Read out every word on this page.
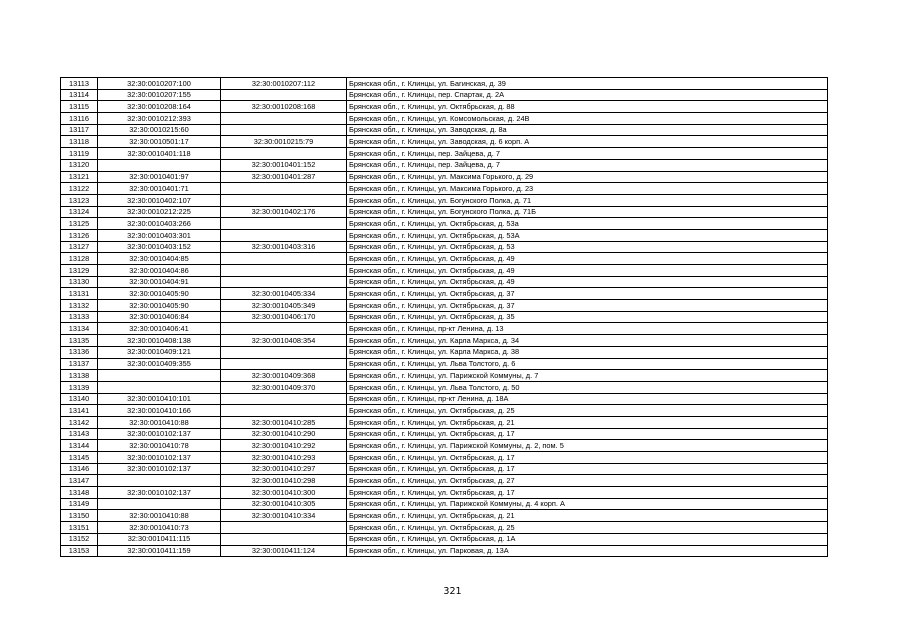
13113	32:30:0010207:100	32:30:0010207:112	Брянская обл., г. Клинцы, ул. Багинская, д. 39
13114	32:30:0010207:155		Брянская обл., г. Клинцы, пер. Спартак, д. 2А
13115	32:30:0010208:164	32:30:0010208:168	Брянская обл., г. Клинцы, ул. Октябрьская, д. 88
13116	32:30:0010212:393		Брянская обл., г. Клинцы, ул. Комсомольская, д. 24В
13117	32:30:0010215:60		Брянская обл., г. Клинцы, ул. Заводская, д. 8а
13118	32:30:0010501:17	32:30:0010215:79	Брянская обл., г. Клинцы, ул. Заводская, д. 6 корп. А
13119	32:30:0010401:118		Брянская обл., г. Клинцы, пер. Зайцева, д. 7
13120		32:30:0010401:152	Брянская обл., г. Клинцы, пер. Зайцева, д. 7
13121	32:30:0010401:97	32:30:0010401:287	Брянская обл., г. Клинцы, ул. Максима Горького, д. 29
13122	32:30:0010401:71		Брянская обл., г. Клинцы, ул. Максима Горького, д. 23
13123	32:30:0010402:107		Брянская обл., г. Клинцы, ул. Богунского Полка, д. 71
13124	32:30:0010212:225	32:30:0010402:176	Брянская обл., г. Клинцы, ул. Богунского Полка, д. 71Б
13125	32:30:0010403:266		Брянская обл., г. Клинцы, ул. Октябрьская, д. 53а
13126	32:30:0010403:301		Брянская обл., г. Клинцы, ул. Октябрьская, д. 53А
13127	32:30:0010403:152	32:30:0010403:316	Брянская обл., г. Клинцы, ул. Октябрьская, д. 53
13128	32:30:0010404:85		Брянская обл., г. Клинцы, ул. Октябрьская, д. 49
13129	32:30:0010404:86		Брянская обл., г. Клинцы, ул. Октябрьская, д. 49
13130	32:30:0010404:91		Брянская обл., г. Клинцы, ул. Октябрьская, д. 49
13131	32:30:0010405:90	32:30:0010405:334	Брянская обл., г. Клинцы, ул. Октябрьская, д. 37
13132	32:30:0010405:90	32:30:0010405:349	Брянская обл., г. Клинцы, ул. Октябрьская, д. 37
13133	32:30:0010406:84	32:30:0010406:170	Брянская обл., г. Клинцы, ул. Октябрьская, д. 35
13134	32:30:0010406:41		Брянская обл., г. Клинцы, пр-кт Ленина, д. 13
13135	32:30:0010408:138	32:30:0010408:354	Брянская обл., г. Клинцы, ул. Карла Маркса, д. 34
13136	32:30:0010409:121		Брянская обл., г. Клинцы, ул. Карла Маркса, д. 38
13137	32:30:0010409:355		Брянская обл., г. Клинцы, ул. Льва Толстого, д. 6
13138		32:30:0010409:368	Брянская обл., г. Клинцы, ул. Парижской Коммуны, д. 7
13139		32:30:0010409:370	Брянская обл., г. Клинцы, ул. Льва Толстого, д. 50
13140	32:30:0010410:101		Брянская обл., г. Клинцы, пр-кт Ленина, д. 18А
13141	32:30:0010410:166		Брянская обл., г. Клинцы, ул. Октябрьская, д. 25
13142	32:30:0010410:88	32:30:0010410:285	Брянская обл., г. Клинцы, ул. Октябрьская, д. 21
13143	32:30:0010102:137	32:30:0010410:290	Брянская обл., г. Клинцы, ул. Октябрьская, д. 17
13144	32:30:0010410:78	32:30:0010410:292	Брянская обл., г. Клинцы, ул. Парижской Коммуны, д. 2, пом. 5
13145	32:30:0010102:137	32:30:0010410:293	Брянская обл., г. Клинцы, ул. Октябрьская, д. 17
13146	32:30:0010102:137	32:30:0010410:297	Брянская обл., г. Клинцы, ул. Октябрьская, д. 17
13147		32:30:0010410:298	Брянская обл., г. Клинцы, ул. Октябрьская, д. 27
13148	32:30:0010102:137	32:30:0010410:300	Брянская обл., г. Клинцы, ул. Октябрьская, д. 17
13149		32:30:0010410:305	Брянская обл., г. Клинцы, ул. Парижской Коммуны, д. 4 корп. А
13150	32:30:0010410:88	32:30:0010410:334	Брянская обл., г. Клинцы, ул. Октябрьская, д. 21
13151	32:30:0010410:73		Брянская обл., г. Клинцы, ул. Октябрьская, д. 25
13152	32:30:0010411:115		Брянская обл., г. Клинцы, ул. Октябрьская, д. 1А
13153	32:30:0010411:159	32:30:0010411:124	Брянская обл., г. Клинцы, ул. Парковая, д. 13А
321
